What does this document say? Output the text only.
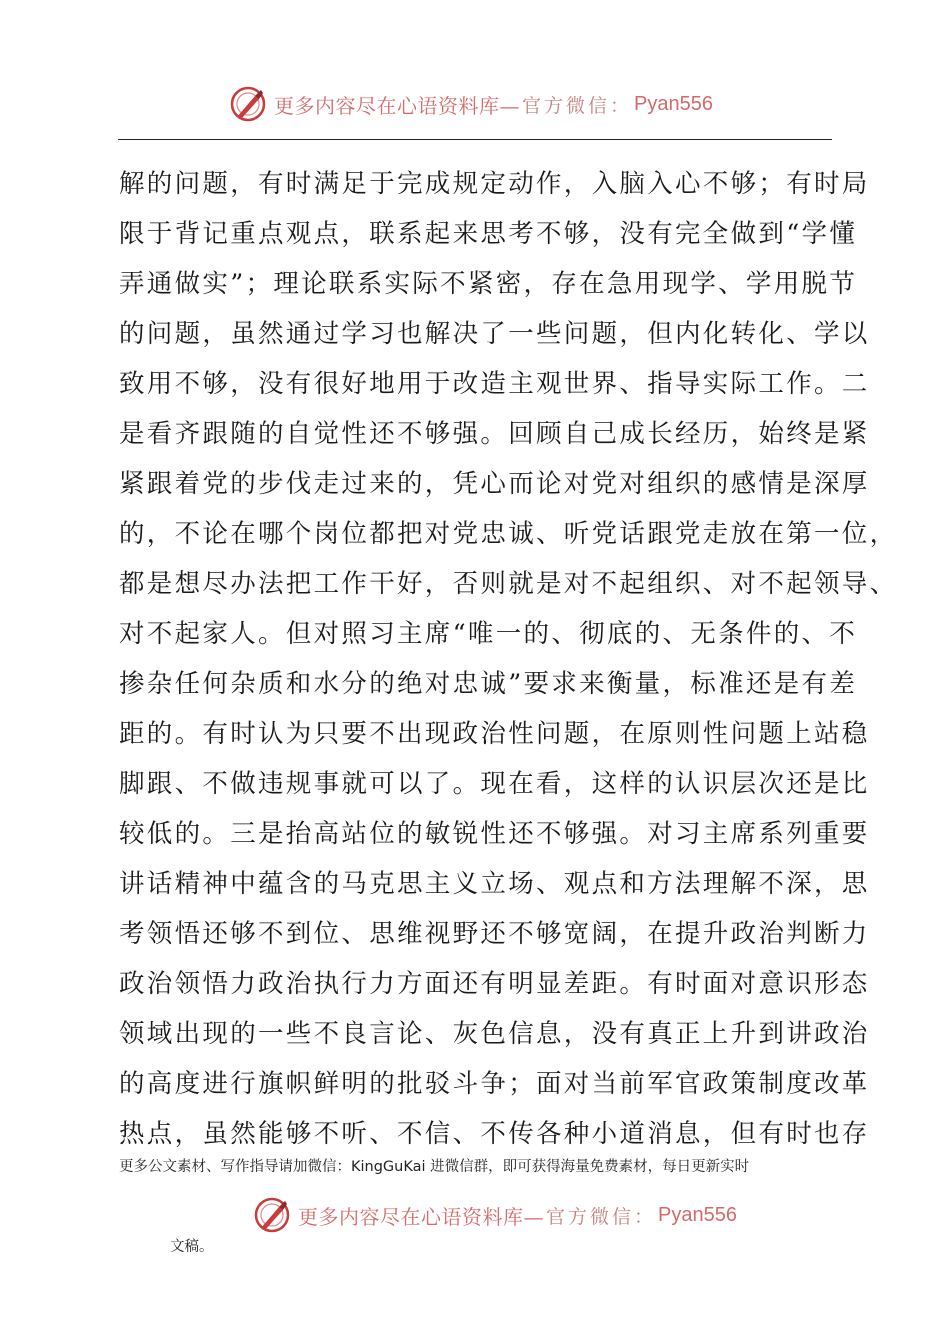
更多内容尽在心语资料库— 官方微信： Pyan556
解的问题，有时满足于完成规定动作，入脑入心不够；有时局
限于背记重点观点，联系起来思考不够，没有完全做到“学懂
弄通做实”；理论联系实际不紧密，存在急用现学、学用脱节
的问题，虽然通过学习也解决了一些问题，但内化转化、学以
致用不够，没有很好地用于改造主观世界、指导实际工作。二
是看齐跟随的自觉性还不够强。回顾自己成长经历，始终是紧
紧跟着党的步伐走过来的，凭心而论对党对组织的感情是深厚
的，不论在哪个岗位都把对党忠诚、听党话跟党走放在第一位，
都是想尽办法把工作干好，否则就是对不起组织、对不起领导、
对不起家人。但对照习主席“唯一的、彻底的、无条件的、不
掺杂任何杂质和水分的绝对忠诚”要求来衡量，标准还是有差
距的。有时认为只要不出现政治性问题，在原则性问题上站稳
脚跟、不做违规事就可以了。现在看，这样的认识层次还是比
较低的。三是抬高站位的敏锐性还不够强。对习主席系列重要
讲话精神中蕴含的马克思主义立场、观点和方法理解不深，思
考领悟还够不到位、思维视野还不够宽阔，在提升政治判断力
政治领悟力政治执行力方面还有明显差距。有时面对意识形态
领域出现的一些不良言论、灰色信息，没有真正上升到讲政治
的高度进行旗帜鲜明的批驳斗争；面对当前军官政策制度改革
热点，虽然能够不听、不信、不传各种小道消息，但有时也存
更多公文素材、写作指导请加微信：KingGuKai 进微信群，即可获得海量免费素材，每日更新实时
更多内容尽在心语资料库— 官方微信： Pyan556
文稿。
